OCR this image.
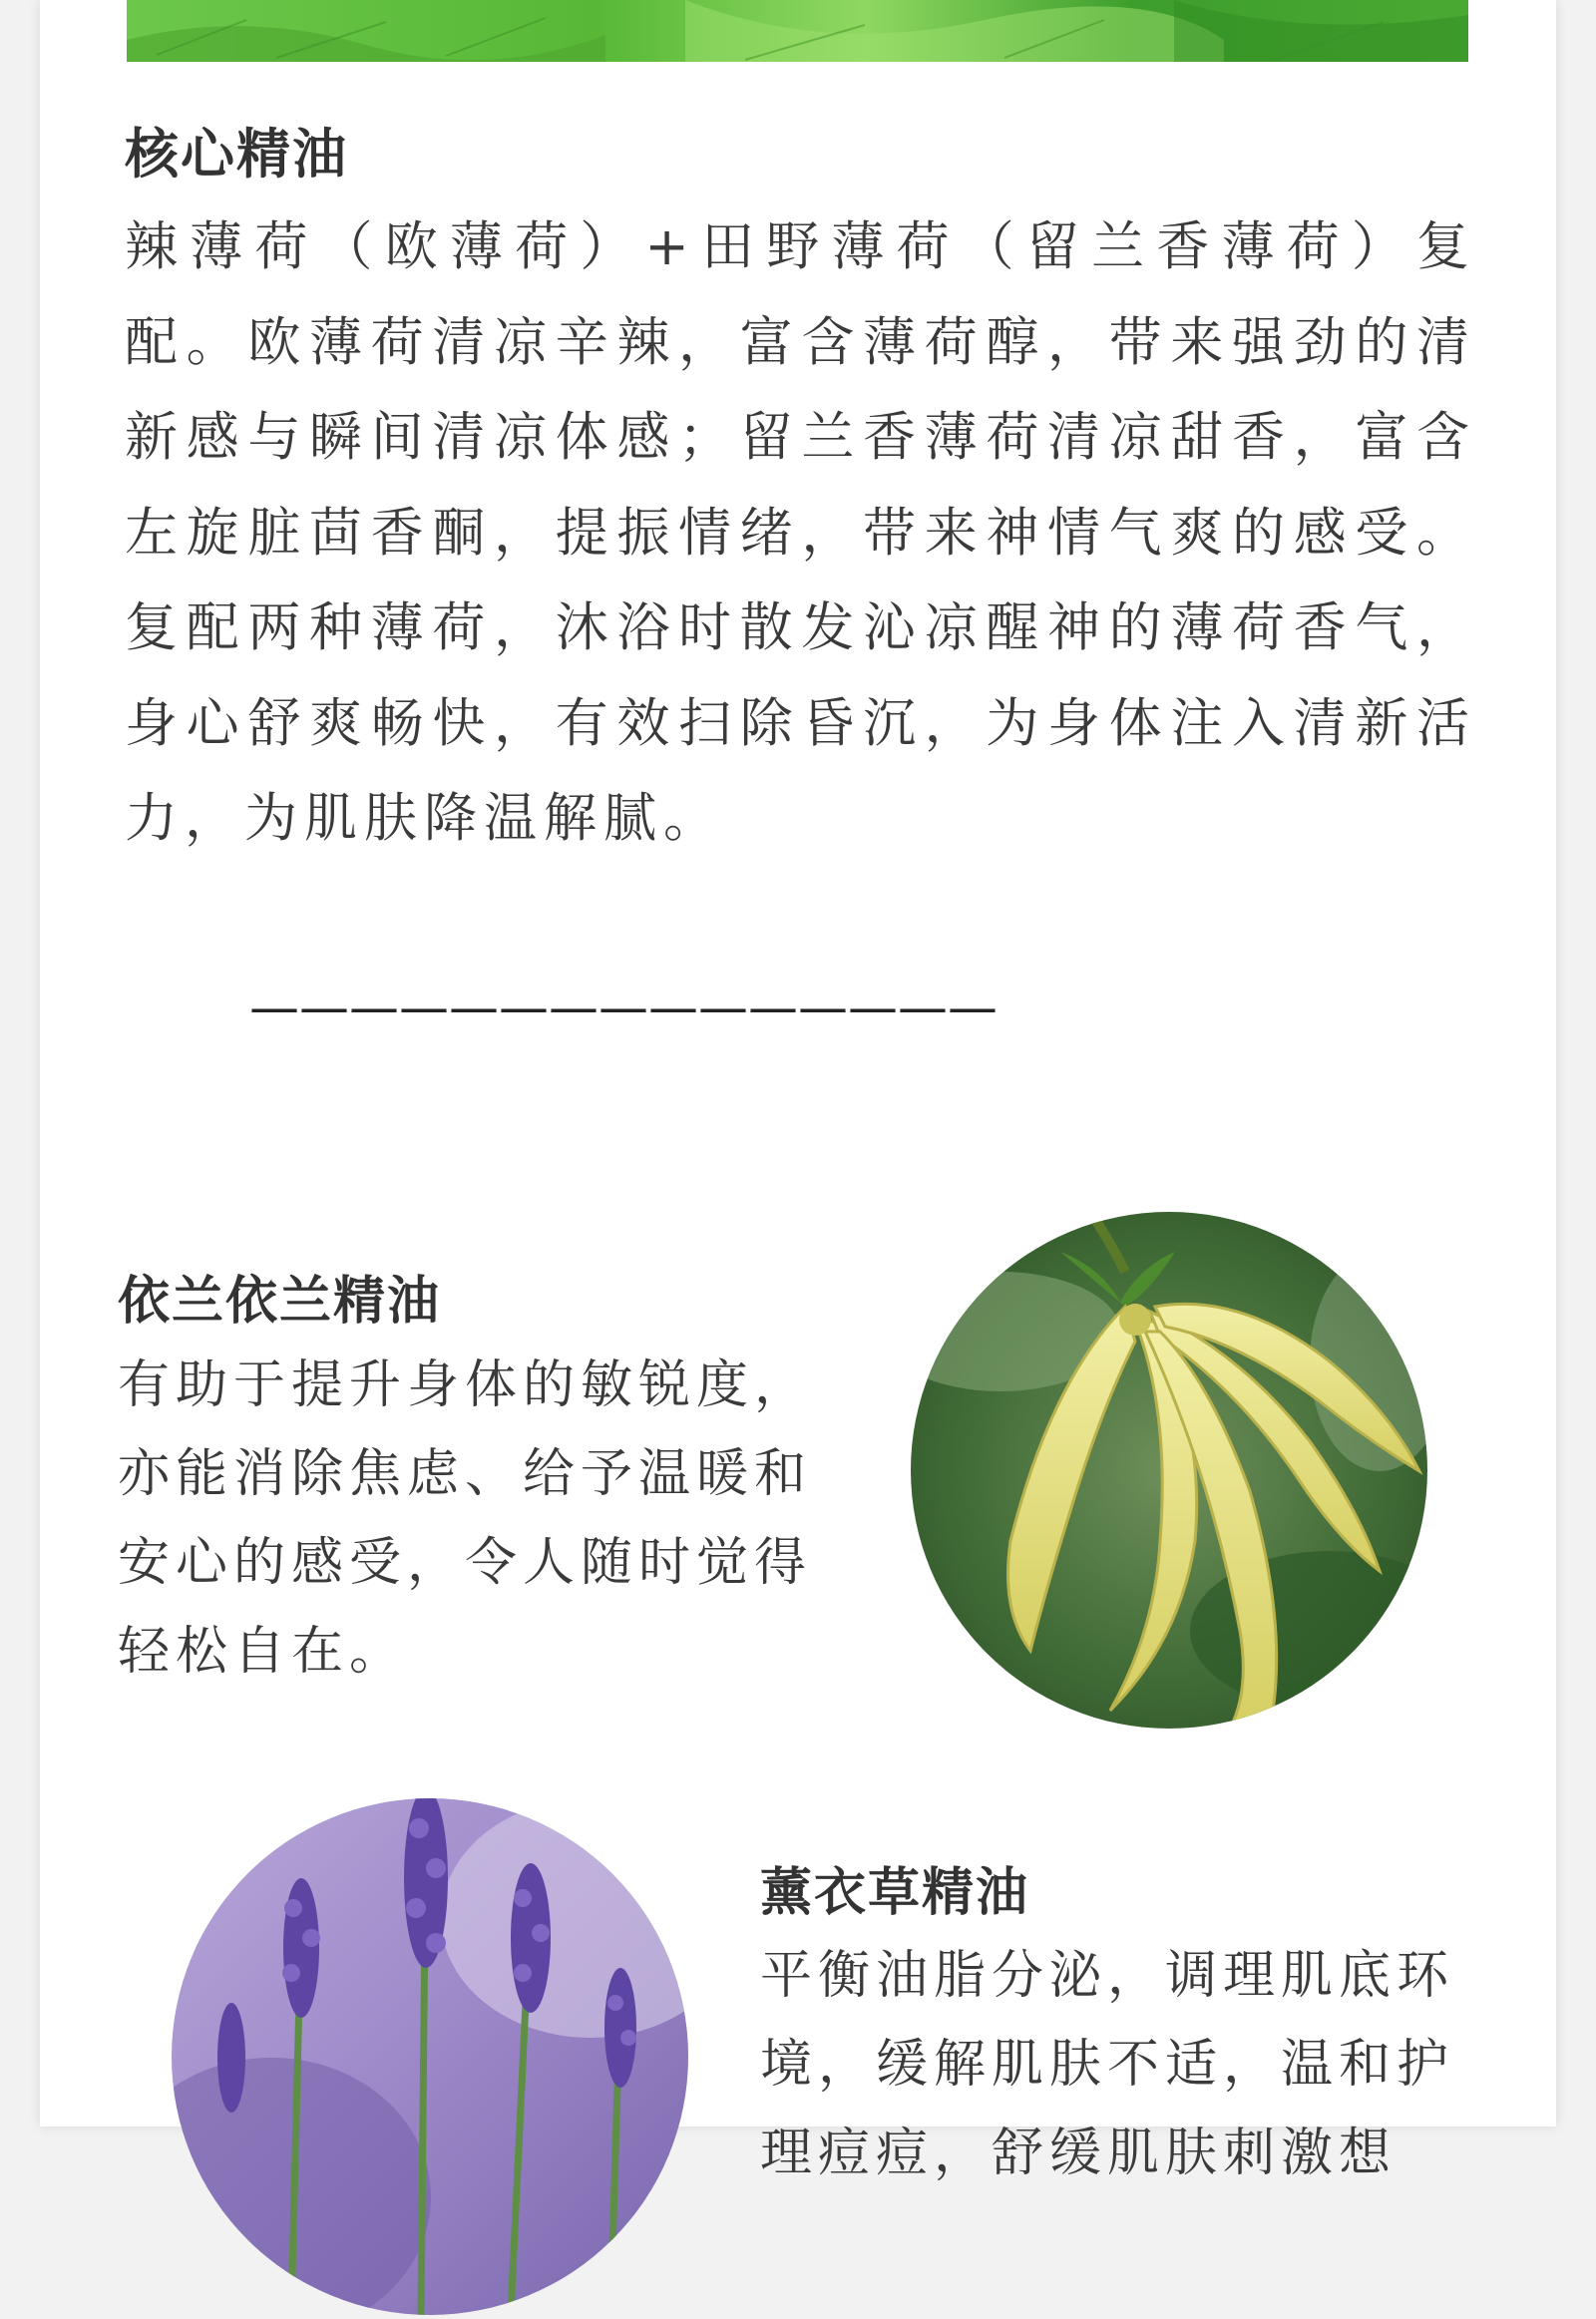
核心精油
辣薄荷（欧薄荷）+田野薄荷（留兰香薄荷）复配。欧薄荷清凉辛辣，富含薄荷醇，带来强劲的清新感与瞬间清凉体感；留兰香薄荷清凉甜香，富含左旋脏茴香酮，提振情绪，带来神情气爽的感受。复配两种薄荷，沐浴时散发沁凉醒神的薄荷香气，身心舒爽畅快，有效扫除昏沉，为身体注入清新活力，为肌肤降温解腻。
———————————————
依兰依兰精油
有助于提升身体的敏锐度，亦能消除焦虑、给予温暖和安心的感受，令人随时觉得轻松自在。
薰衣草精油
平衡油脂分泌，调理肌底环境，缓解肌肤不适，温和护理痘痘，舒缓肌肤刺激想
